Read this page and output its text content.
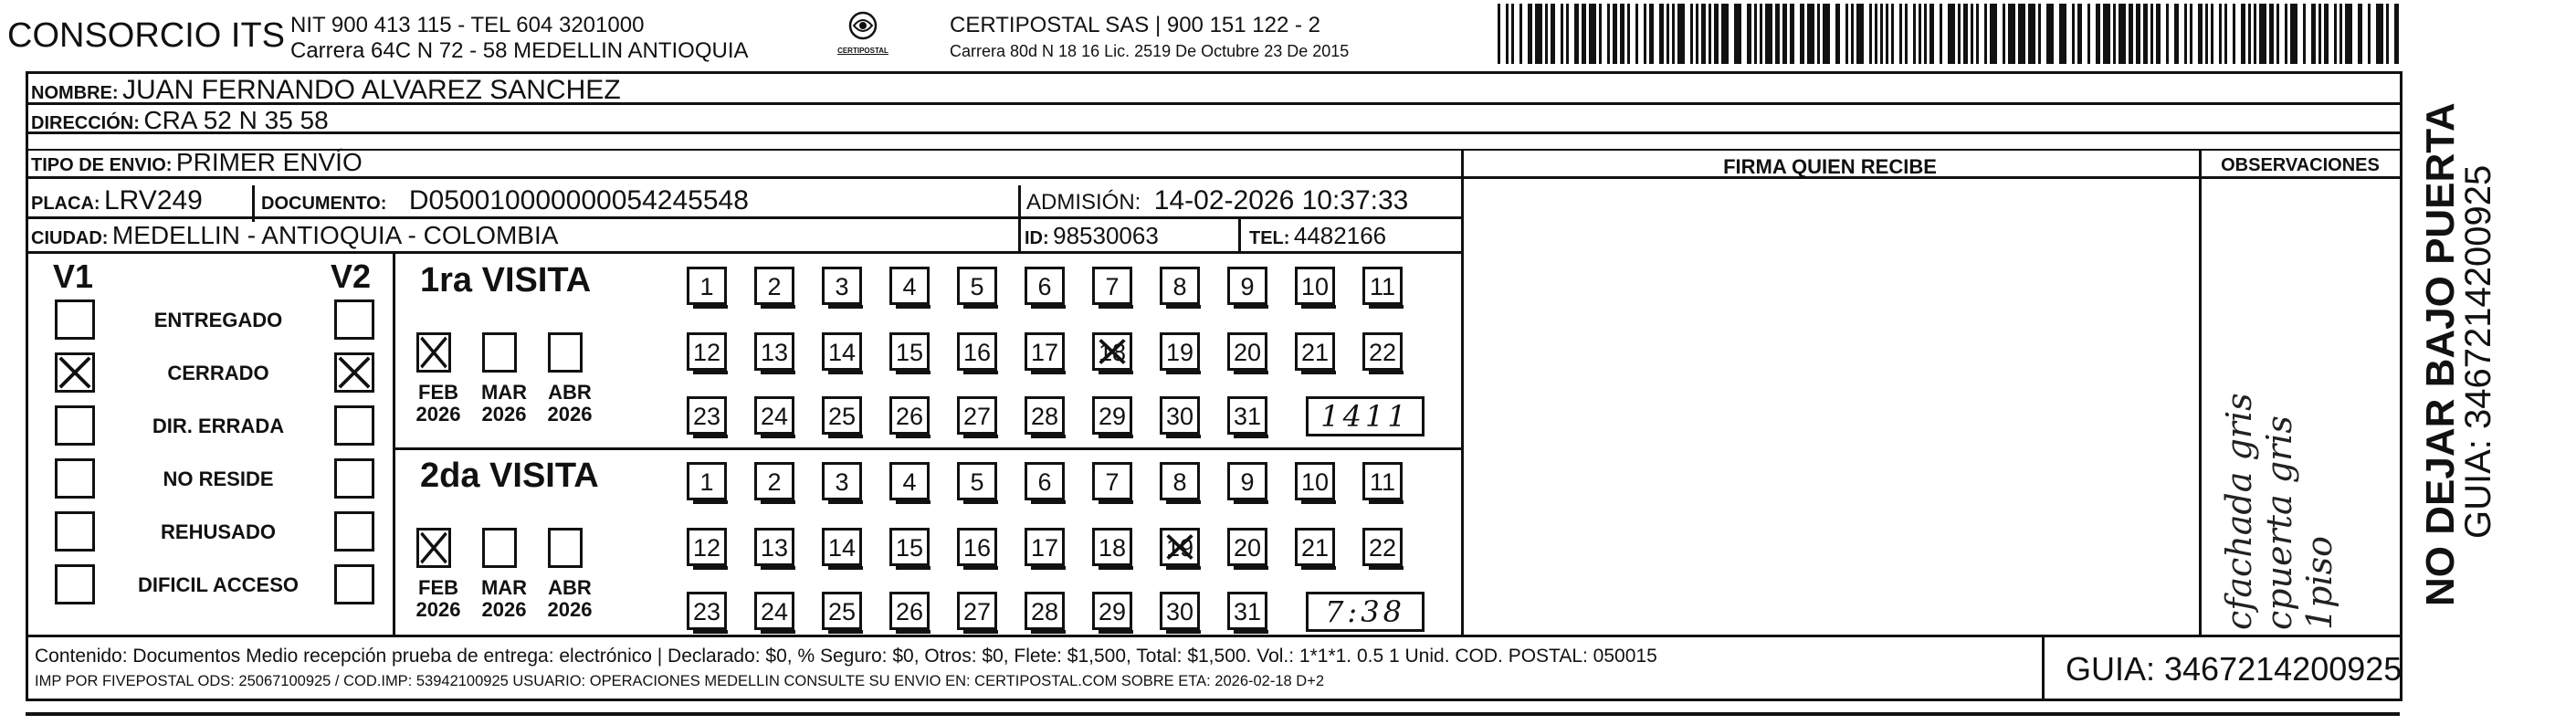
CONSORCIO ITS NIT 900 413 115 - TEL 604 3201000
Carrera 64C N 72 - 58 MEDELLIN ANTIOQUIA	CERTIPOSTAL
CERTIPOSTAL SAS | 900 151 122 - 2
Carrera 80d N 18 16 Lic. 2519 De Octubre 23 De 2015
NOMBRE: JUAN FERNANDO ALVAREZ SANCHEZ
DIRECCIÓN: CRA 52 N 35 58
TIPO DE ENVIO: PRIMER ENVÍO
PLACA: LRV249	DOCUMENTO: D050010000000054245548	ADMISIÓN: 14-02-2026 10:37:33
CIUDAD: MEDELLIN - ANTIOQUIA - COLOMBIA	ID: 98530063	TEL: 4482166
FIRMA QUIEN RECIBE	OBSERVACIONES
cfachada gris cpuerta gris 1piso
V1	V2
ENTREGADO
CERRADO
DIR. ERRADA
NO RESIDE
REHUSADO
DIFICIL ACCESO
1ra VISITA
2da VISITA
FEB
2026
MAR
2026
ABR
2026
1	2	3	4	5	6	7	8	9	10 11
12 13 14 15 16 17 18 19 20 21 22
23 24 25 26 27 28 29 30 31	1411
FEB
2026
MAR
2026
ABR
2026
1	2	3	4	5	6	7	8	9	10 11
12 13 14 15 16 17 18 19 20 21 22
23 24 25 26 27 28 29 30 31	7:38
Contenido: Documentos Medio recepción prueba de entrega: electrónico | Declarado: $0, % Seguro: $0, Otros: $0, Flete: $1,500, Total: $1,500. Vol.: 1*1*1. 0.5 1 Unid. COD. POSTAL: 050015
IMP POR FIVEPOSTAL ODS: 25067100925 / COD.IMP: 53942100925 USUARIO: OPERACIONES MEDELLIN CONSULTE SU ENVIO EN: CERTIPOSTAL.COM SOBRE ETA: 2026-02-18 D+2	GUIA: 3467214200925
NO DEJAR BAJO PUERTA
GUIA: 3467214200925
